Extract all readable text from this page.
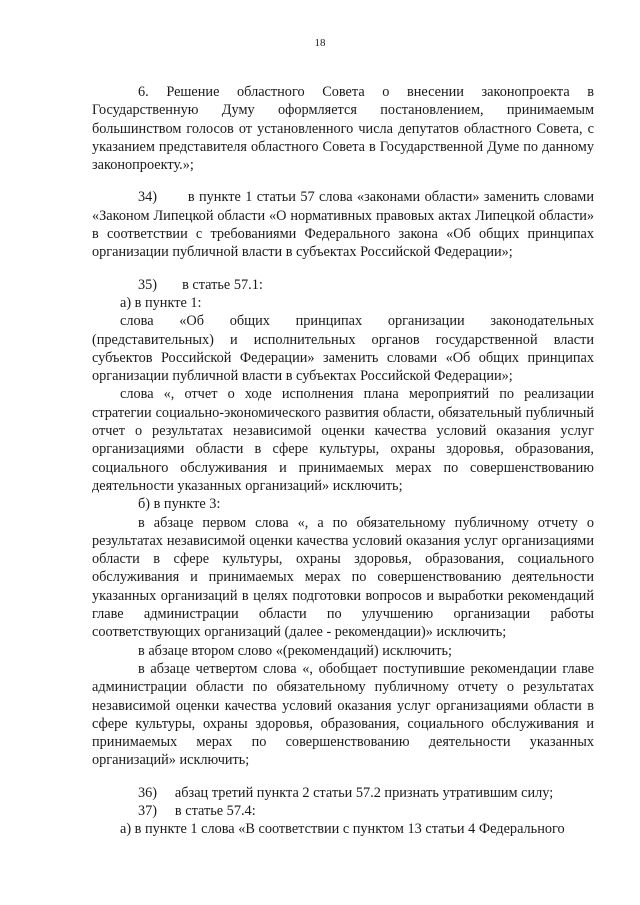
18

6. Решение областного Совета о внесении законопроекта в Государственную Думу оформляется постановлением, принимаемым большинством голосов от установленного числа депутатов областного Совета, с указанием представителя областного Совета в Государственной Думе по данному законопроекту.»;

34)       в пункте 1 статьи 57 слова «законами области» заменить словами «Законом Липецкой области «О нормативных правовых актах Липецкой области» в соответствии с требованиями Федерального закона «Об общих принципах организации публичной власти в субъектах Российской Федерации»;

35)       в статье 57.1:

а) в пункте 1:

слова «Об общих принципах организации законодательных (представительных) и исполнительных органов государственной власти субъектов Российской Федерации» заменить словами «Об общих принципах организации публичной власти в субъектах Российской Федерации»;

слова «, отчет о ходе исполнения плана мероприятий по реализации стратегии социально-экономического развития области, обязательный публичный отчет о результатах независимой оценки качества условий оказания услуг организациями области в сфере культуры, охраны здоровья, образования, социального обслуживания и принимаемых мерах по совершенствованию деятельности указанных организаций» исключить;

б) в пункте 3:

в абзаце первом слова «, а по обязательному публичному отчету о результатах независимой оценки качества условий оказания услуг организациями области в сфере культуры, охраны здоровья, образования, социального обслуживания и принимаемых мерах по совершенствованию деятельности указанных организаций в целях подготовки вопросов и выработки рекомендаций главе администрации области по улучшению организации работы соответствующих организаций (далее - рекомендации)» исключить;

в абзаце втором слово «(рекомендаций) исключить;

в абзаце четвертом слова «, обобщает поступившие рекомендации главе администрации области по обязательному публичному отчету о результатах независимой оценки качества условий оказания услуг организациями области в сфере культуры, охраны здоровья, образования, социального обслуживания и принимаемых мерах по совершенствованию деятельности указанных организаций» исключить;

36)     абзац третий пункта 2 статьи 57.2 признать утратившим силу;

37)     в статье 57.4:

а) в пункте 1 слова «В соответствии с пунктом 13 статьи 4 Федерального
